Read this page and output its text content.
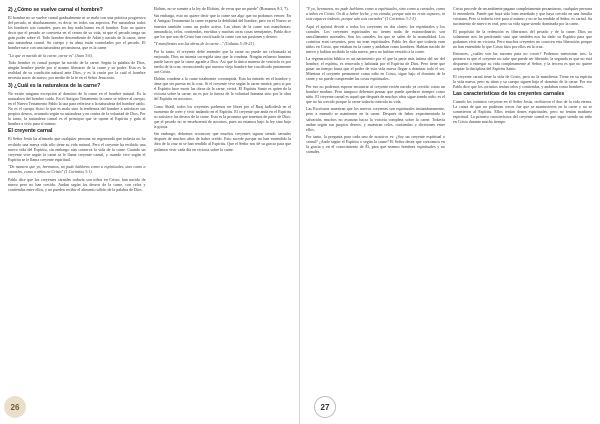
2) ¿Cómo se vuelve carnal el hombre?

El hombre no se vuelve carnal gradualmente ni se malo con una práctica progresiva del pecado, ni absolutamente, es decir, en todos sus aspectos. Por naturaleza todos los hombres son carnales, pues no hay nada bueno en el hombre. Esto no quiere decir que el pecado se convierta en el centro de su vida, ni que el pecado tenga un gran poder sobre él. Todo hombre descendiente de Adán y nacido de la carne, tiene una naturaleza carnal. Su cuerpo y su alma están controlados por el pecado. El hombre nace con una naturaleza pecaminosa, que es la carne.

"Lo que es nacido de la carne, carne es" (Juan 3:6).

Todo hombre es carnal porque ha nacido de la carne. Según la palabra de Dios, ningún hombre puede por sí mismo liberarse de la carne y su poder. Esta es la realidad de su condición natural ante Dios, y es la razón por la cual el hombre necesita nacer de nuevo, por medio de la fe en el Señor Jesucristo.

3) ¿Cuál es la naturaleza de la carne?

No existe ninguna excepción al dominio de la carne en el hombre natural. Es la naturaleza del hombre caído. En el Antiguo Testamento la carne se refiere al cuerpo, en el Nuevo Testamento Pablo la usa para referirse a la naturaleza del hombre caído. No es el cuerpo físico lo que es malo sino la tendencia del hombre a satisfacer sus propios deseos, actuando según su naturaleza y en contra de la voluntad de Dios. Por lo tanto, la naturaleza carnal es el principio que se opone al Espíritu y guía al hombre a vivir para sí mismo.

El creyente carnal

El Señor Jesús ha afirmado que cualquier persona no regenerada que todavía no ha recibido una nueva vida sólo tiene su vida natural. Pero el creyente ha recibido una nueva vida del Espíritu, sin embargo aún conserva la vida de la carne. Cuando un creyente vive según la carne se le llama creyente carnal, y cuando vive según el Espíritu se le llama creyente espiritual.

"De manera que yo, hermanos, no pude hablaros como a espirituales, sino como a carnales, como a niños en Cristo" (1 Corintios 3:1).

Pablo dice que los creyentes carnales todavía son niños en Cristo; han nacido de nuevo pero no han crecido. Andan según los deseos de la carne, con celos y contiendas entre ellos, y no pueden recibir el alimento sólido de la palabra de Dios.

Elohim, no se somete a la ley de Elohim, de veras que no puede" (Romanos 8:3, 7).

Sin embargo, esto no quiere decir que la carne sea algo que no podamos vencer. En el Antiguo Testamento la carne expresa la debilidad del hombre, pero en el Nuevo se muestra también como un poder activo. Las obras de la carne son manifiestas: inmundicia, celos, contiendas, envidias y muchas otras cosas semejantes. Pablo dice que los que son de Cristo han crucificado la carne con sus pasiones y deseos.

"Y manifiestas son las obras de la carne..." (Gálatas 5:19-21).

Por lo tanto, el creyente debe entender que la carne no puede ser reformada ni mejorada; Dios no intenta corregirla sino que la condena. Ningún esfuerzo humano puede hacer que la carne agrade a Dios. Así que la única manera de vencerla es por medio de la cruz, reconociendo que nuestro viejo hombre fue crucificado juntamente con Cristo.

Elohim condena a la carne totalmente corrompida. Esta ha entrado en el hombre y tiene que ser puesta en la cruz. Si el creyente vive según la carne morirá, pero si por el Espíritu hace morir las obras de la carne, vivirá. El Espíritu Santo es quien da la victoria sobre la carne; no es por la fuerza de la voluntad humana sino por la obra del Espíritu en nosotros.

Como Shaúl, todos los creyentes podemos ser libres por el Ruaj haKodesh en el momento de creer y vivir andando en el Espíritu. El creyente que anda en el Espíritu no satisface los deseos de la carne. Esta es la promesa que tenemos de parte de Dios: que el pecado no se enseñoreará de nosotros, pues no estamos bajo la ley sino bajo la gracia.

Sin embargo, debemos reconocer que muchos creyentes siguen siendo carnales después de muchos años de haber creído. Esto sucede porque no han entendido la obra de la cruz ni se han rendido al Espíritu. Que el Señor nos dé su gracia para que podamos vivir cada día en victoria sobre la carne.

26

"Y yo, hermanos, no pude hablaros como a espirituales, sino como a carnales, como a niños en Cristo. Os di a beber leche, y no vianda; porque aún no erais capaces, ni sois capaces todavía, porque aún sois carnales" (1 Corintios 3:1-3).

Aquí el apóstol divide a todos los creyentes en dos clases: los espirituales y los carnales. Los creyentes espirituales no tienen nada de extraordinario; son sencillamente normales. Son los carnales los que se salen de la normalidad. Los corintios eran creyentes, pero no eran espirituales. Pablo les dice que todavía eran niños en Cristo, que estaban en la carne y andaban como hombres. Habían nacido de nuevo y habían recibido la vida nueva, pero no habían vencido a la carne.

La regeneración bíblica es un nacimiento por el que la parte más íntima del ser del hombre, el espíritu, es renovada y habitada por el Espíritu de Dios. Pero tiene que pasar un tiempo hasta que el poder de esta vida nueva llegue a dominar todo el ser. Mientras el creyente permanece como niño en Cristo, sigue bajo el dominio de la carne y no puede comprender las cosas espirituales.

Por eso no podemos esperar encontrar al creyente recién nacido ya crecido como un hombre maduro. Pero tampoco debemos pensar que puede quedarse siempre como niño. El creyente carnal es aquel que después de muchos años sigue siendo niño; es el que no ha crecido porque la carne todavía controla su vida.

Las Escrituras muestran que los nuevos creyentes son espirituales instantáneamente, pero a menudo se mantienen en la carne. Después de haber experimentado la salvación, muchos no avanzan hacia la victoria completa sobre la carne. Todavía andan según sus propios deseos, y muestran celos, contiendas y divisiones entre ellos.

Por tanto, la pregunta para cada uno de nosotros es: ¿Soy un creyente espiritual o carnal? ¿Ando según el Espíritu o según la carne? El Señor desea que crezcamos en la gracia y en el conocimiento de Él, para que seamos hombres espirituales y no carnales.

Cristo procede de un ambiente pagano completamente pecaminoso, cualquier persona lo entendería. Puede que haya sido bien enseñado y que haya crecido en una familia cristiana. Pero si todavía vive para sí mismo y no se ha rendido al Señor, es carnal. Su nacimiento de nuevo es real, pero su vida sigue siendo dominada por la carne.

El propósito de la redención es liberarnos del pecado y de la carne. Dios no solamente nos ha perdonado sino que también nos ha dado su Espíritu para que podamos vivir en victoria. Pero muchos creyentes no conocen esta liberación porque no han entendido lo que Cristo hizo por ellos en la cruz.

Entonces, ¿cuáles son las razones para no crecer? Podemos mencionar tres: la primera es que el creyente no sabe que puede ser liberado; la segunda es que no está dispuesto a entregar su vida completamente al Señor; y la tercera es que no quiere aceptar la disciplina del Espíritu Santo.

El creyente carnal tiene la vida de Cristo, pero no la manifiesta. Tiene en su espíritu la vida nueva, pero su alma y su cuerpo siguen bajo el dominio de la carne. Por eso Pablo dice que los corintios tenían celos y contiendas, y andaban como hombres.

Las características de los creyentes carnales

Cuando los corintios creyeron en el Señor Jesús, recibieron el don de la vida eterna. La causa de que no pudieran crecer fue que se mantuvieron en la carne y no se sometieron al Espíritu. Ellos tenían dones espirituales, pero no tenían madurez espiritual. La primera característica del creyente carnal es que sigue siendo un niño en Cristo durante mucho tiempo.

27
